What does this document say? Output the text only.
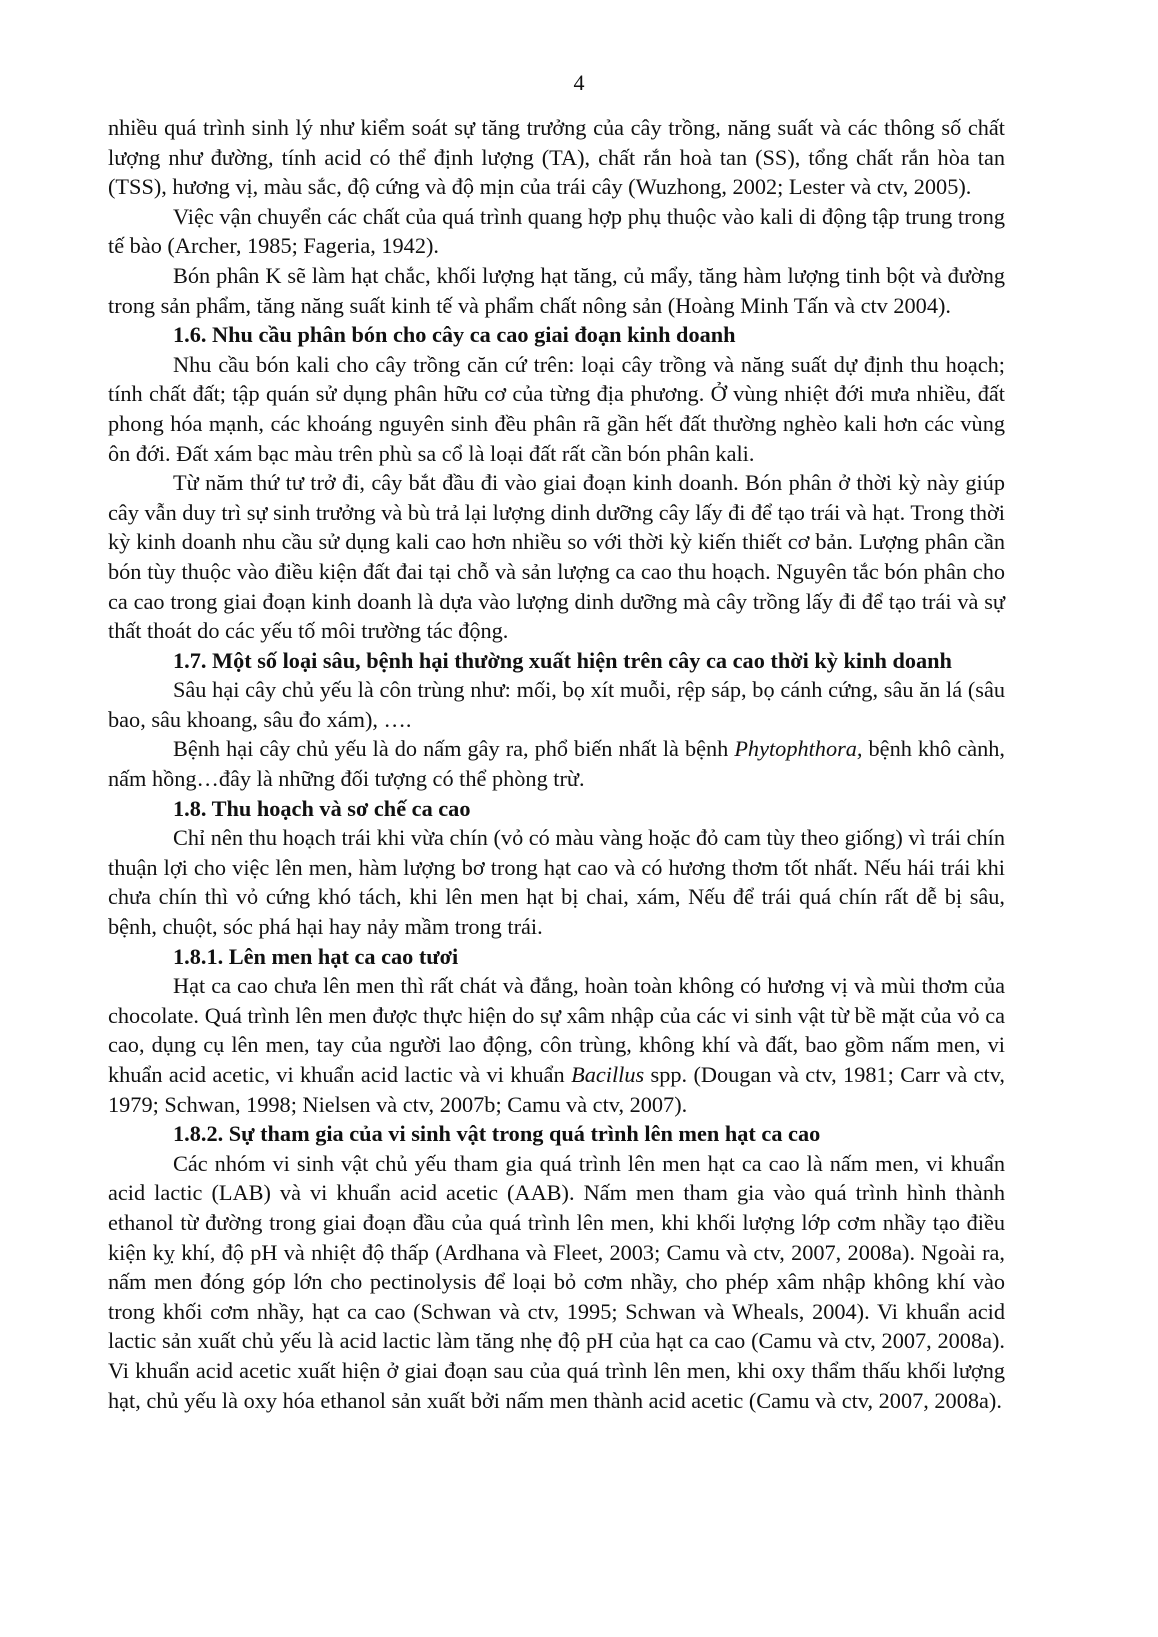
4

nhiều quá trình sinh lý như kiểm soát sự tăng trưởng của cây trồng, năng suất và các thông số chất lượng như đường, tính acid có thể định lượng (TA), chất rắn hoà tan (SS), tổng chất rắn hòa tan (TSS), hương vị, màu sắc, độ cứng và độ mịn của trái cây (Wuzhong, 2002; Lester và ctv, 2005).

Việc vận chuyển các chất của quá trình quang hợp phụ thuộc vào kali di động tập trung trong tế bào (Archer, 1985; Fageria, 1942).

Bón phân K sẽ làm hạt chắc, khối lượng hạt tăng, củ mẩy, tăng hàm lượng tinh bột và đường trong sản phẩm, tăng năng suất kinh tế và phẩm chất nông sản (Hoàng Minh Tấn và ctv 2004).

1.6. Nhu cầu phân bón cho cây ca cao giai đoạn kinh doanh

Nhu cầu bón kali cho cây trồng căn cứ trên: loại cây trồng và năng suất dự định thu hoạch; tính chất đất; tập quán sử dụng phân hữu cơ của từng địa phương. Ở vùng nhiệt đới mưa nhiều, đất phong hóa mạnh, các khoáng nguyên sinh đều phân rã gần hết đất thường nghèo kali hơn các vùng ôn đới. Đất xám bạc màu trên phù sa cổ là loại đất rất cần bón phân kali.

Từ năm thứ tư trở đi, cây bắt đầu đi vào giai đoạn kinh doanh. Bón phân ở thời kỳ này giúp cây vẫn duy trì sự sinh trưởng và bù trả lại lượng dinh dưỡng cây lấy đi để tạo trái và hạt. Trong thời kỳ kinh doanh nhu cầu sử dụng kali cao hơn nhiều so với thời kỳ kiến thiết cơ bản. Lượng phân cần bón tùy thuộc vào điều kiện đất đai tại chỗ và sản lượng ca cao thu hoạch. Nguyên tắc bón phân cho ca cao trong giai đoạn kinh doanh là dựa vào lượng dinh dưỡng mà cây trồng lấy đi để tạo trái và sự thất thoát do các yếu tố môi trường tác động.

1.7. Một số loại sâu, bệnh hại thường xuất hiện trên cây ca cao thời kỳ kinh doanh

Sâu hại cây chủ yếu là côn trùng như: mối, bọ xít muỗi, rệp sáp, bọ cánh cứng, sâu ăn lá (sâu bao, sâu khoang, sâu đo xám), ….

Bệnh hại cây chủ yếu là do nấm gây ra, phổ biến nhất là bệnh Phytophthora, bệnh khô cành, nấm hồng…đây là những đối tượng có thể phòng trừ.

1.8. Thu hoạch và sơ chế ca cao

Chỉ nên thu hoạch trái khi vừa chín (vỏ có màu vàng hoặc đỏ cam tùy theo giống) vì trái chín thuận lợi cho việc lên men, hàm lượng bơ trong hạt cao và có hương thơm tốt nhất. Nếu hái trái khi chưa chín thì vỏ cứng khó tách, khi lên men hạt bị chai, xám, Nếu để trái quá chín rất dễ bị sâu, bệnh, chuột, sóc phá hại hay nảy mầm trong trái.

1.8.1. Lên men hạt ca cao tươi

Hạt ca cao chưa lên men thì rất chát và đắng, hoàn toàn không có hương vị và mùi thơm của chocolate. Quá trình lên men được thực hiện do sự xâm nhập của các vi sinh vật từ bề mặt của vỏ ca cao, dụng cụ lên men, tay của người lao động, côn trùng, không khí và đất, bao gồm nấm men, vi khuẩn acid acetic, vi khuẩn acid lactic và vi khuẩn Bacillus spp. (Dougan và ctv, 1981; Carr và ctv, 1979; Schwan, 1998; Nielsen và ctv, 2007b; Camu và ctv, 2007).

1.8.2. Sự tham gia của vi sinh vật trong quá trình lên men hạt ca cao

Các nhóm vi sinh vật chủ yếu tham gia quá trình lên men hạt ca cao là nấm men, vi khuẩn acid lactic (LAB) và vi khuẩn acid acetic (AAB). Nấm men tham gia vào quá trình hình thành ethanol từ đường trong giai đoạn đầu của quá trình lên men, khi khối lượng lớp cơm nhầy tạo điều kiện kỵ khí, độ pH và nhiệt độ thấp (Ardhana và Fleet, 2003; Camu và ctv, 2007, 2008a). Ngoài ra, nấm men đóng góp lớn cho pectinolysis để loại bỏ cơm nhầy, cho phép xâm nhập không khí vào trong khối cơm nhầy, hạt ca cao (Schwan và ctv, 1995; Schwan và Wheals, 2004). Vi khuẩn acid lactic sản xuất chủ yếu là acid lactic làm tăng nhẹ độ pH của hạt ca cao (Camu và ctv, 2007, 2008a). Vi khuẩn acid acetic xuất hiện ở giai đoạn sau của quá trình lên men, khi oxy thẩm thấu khối lượng hạt, chủ yếu là oxy hóa ethanol sản xuất bởi nấm men thành acid acetic (Camu và ctv, 2007, 2008a).
